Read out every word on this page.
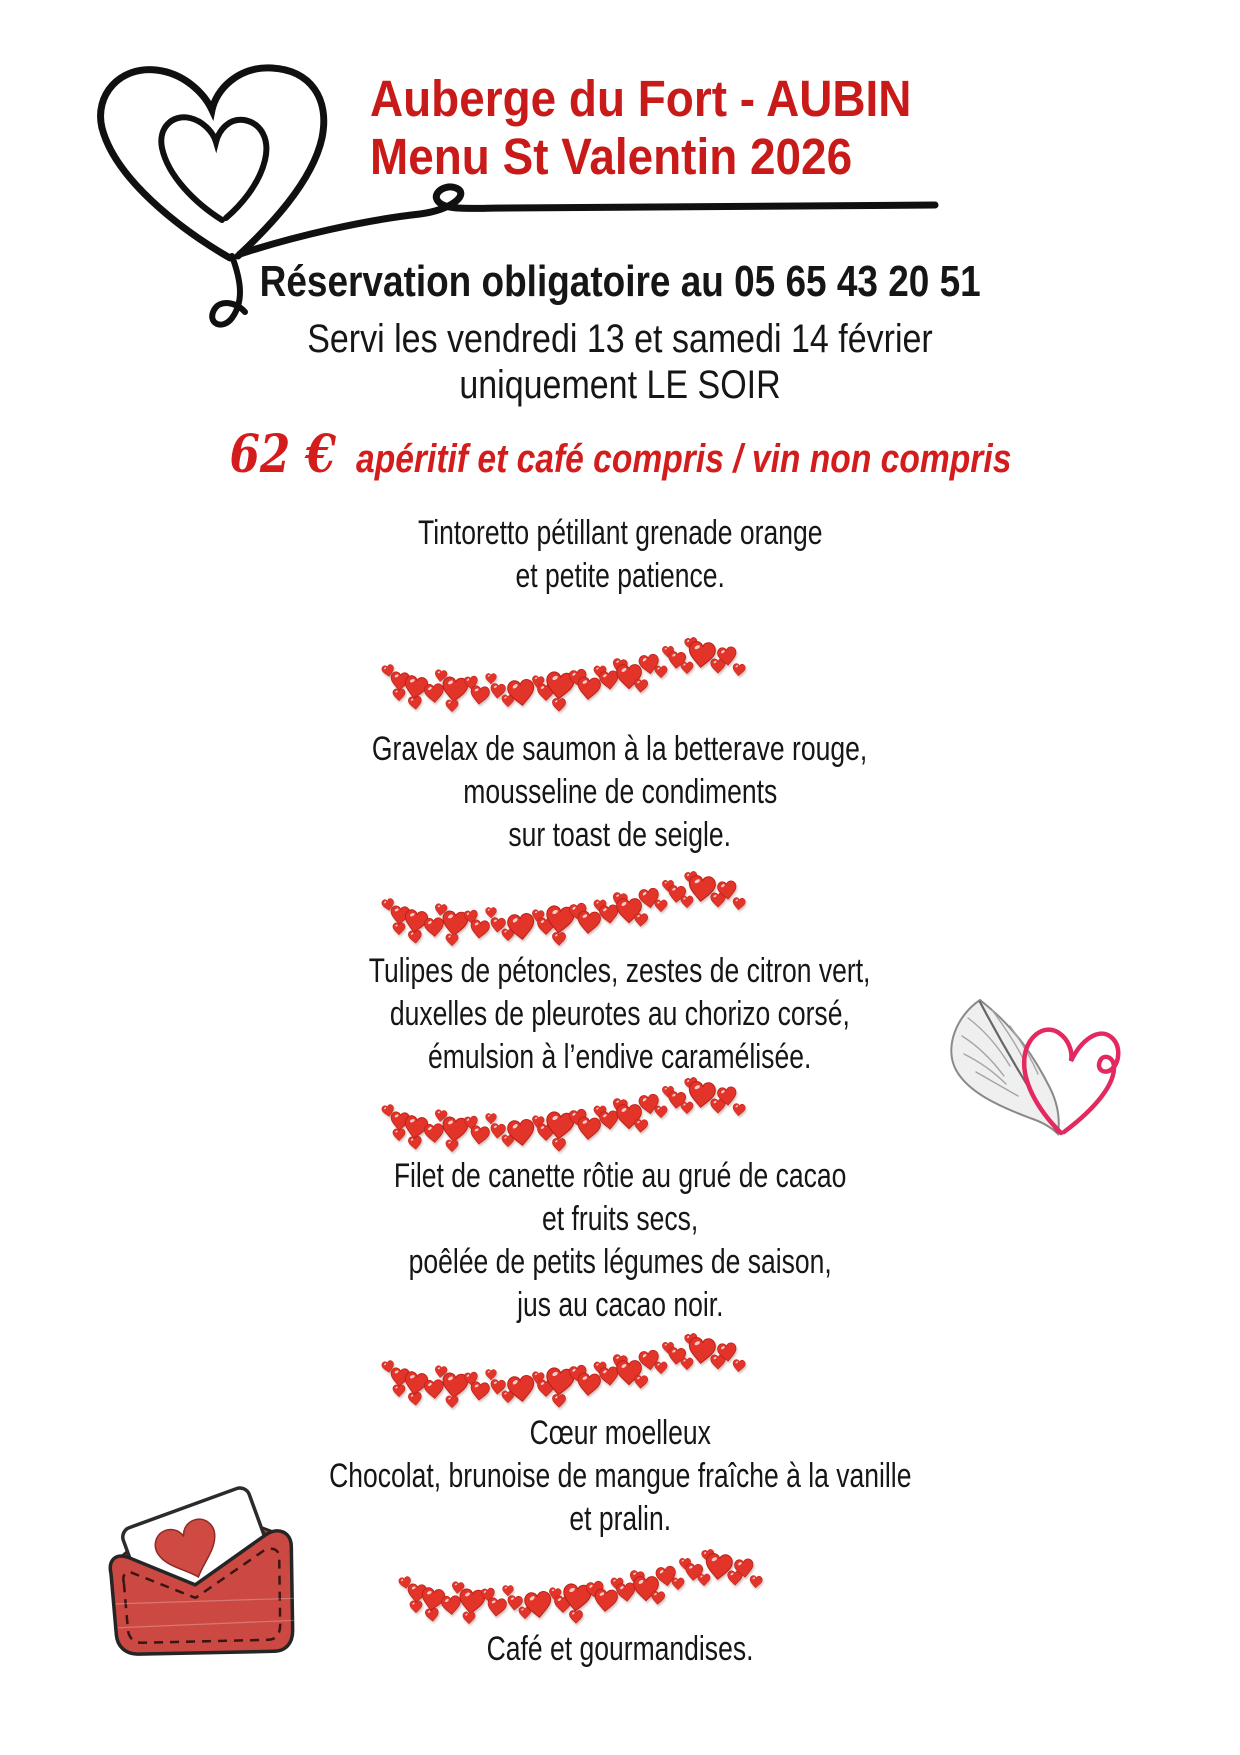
Auberge du Fort - AUBIN
Menu St Valentin 2026
Réservation obligatoire au 05 65 43 20 51
Servi les vendredi 13 et samedi 14 février
uniquement LE SOIR
62 € apéritif et café compris / vin non compris
Tintoretto pétillant grenade orange
et petite patience.
Gravelax de saumon à la betterave rouge,
mousseline de condiments
sur toast de seigle.
Tulipes de pétoncles, zestes de citron vert,
duxelles de pleurotes au chorizo corsé,
émulsion à l’endive caramélisée.
Filet de canette rôtie au grué de cacao
et fruits secs,
poêlée de petits légumes de saison,
jus au cacao noir.
Cœur moelleux
Chocolat, brunoise de mangue fraîche à la vanille
et pralin.
Café et gourmandises.
